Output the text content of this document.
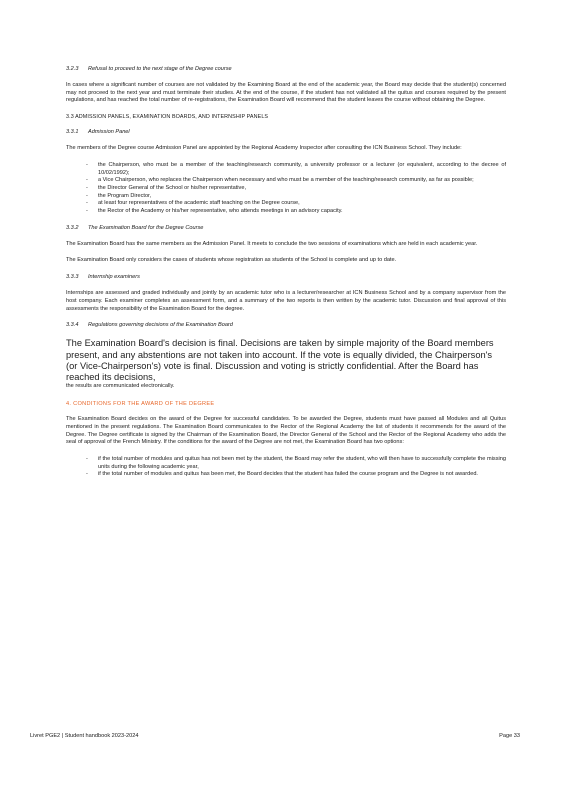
3.2.3	Refusal to proceed to the next stage of the Degree course

In cases where a significant number of courses are not validated by the Examining Board at the end of the academic year, the Board may decide that the student(s) concerned may not proceed to the next year and must terminate their studies. At the end of the course, if the student has not validated all the quitus and courses required by the present regulations, and has reached the total number of re-registrations, the Examination Board will recommend that the student leaves the course without obtaining the Degree.

3.3 ADMISSION PANELS, EXAMINATION BOARDS, AND INTERNSHIP PANELS
3.3.1	Admission Panel

The members of the Degree course Admission Panel are appointed by the Regional Academy Inspector after consulting the ICN Business School. They include:

- the Chairperson, who must be a member of the teaching/research community, a university professor or a lecturer (or equivalent, according to the decree of 10/02/1992);
- a Vice Chairperson, who replaces the Chairperson when necessary and who must be a member of the teaching/research community, as far as possible;
- the Director General of the School or his/her representative,
- the Program Director,
- at least four representatives of the academic staff teaching on the Degree course,
- the Rector of the Academy or his/her representative, who attends meetings in an advisory capacity.
3.3.2	The Examination Board for the Degree Course

The Examination Board has the same members as the Admission Panel. It meets to conclude the two sessions of examinations which are held in each academic year.

The Examination Board only considers the cases of students whose registration as students of the School is complete and up to date.

3.3.3	Internship examiners

Internships are assessed and graded individually and jointly by an academic tutor who is a lecturer/researcher at ICN Business School and by a company supervisor from the host company. Each examiner completes an assessment form, and a summary of the two reports is then written by the academic tutor. Discussion and final approval of this assessments the responsibility of the Examination Board for the degree.

3.3.4	Regulations governing decisions of the Examination Board

The Examination Board's decision is final. Decisions are taken by simple majority of the Board members present, and any abstentions are not taken into account. If the vote is equally divided, the Chairperson's (or Vice-Chairperson's) vote is final. Discussion and voting is strictly confidential. After the Board has reached its decisions,

the results are communicated electronically.

4. CONDITIONS FOR THE AWARD OF THE DEGREE

The Examination Board decides on the award of the Degree for successful candidates. To be awarded the Degree, students must have passed all Modules and all Quitus mentioned in the present regulations. The Examination Board communicates to the Rector of the Regional Academy the list of students it recommends for the award of the Degree. The Degree certificate is signed by the Chairman of the Examination Board, the Director General of the School and the Rector of the Regional Academy who adds the seal of approval of the French Ministry. If the conditions for the award of the Degree are not met, the Examination Board has two options:

- if the total number of modules and quitus has not been met by the student, the Board may refer the student, who will then have to successfully complete the missing units during the following academic year,
- if the total number of modules and quitus has been met, the Board decides that the student has failed the course program and the Degree is not awarded.
Livret PGE2 | Student handbook 2023-2024	Page 33
